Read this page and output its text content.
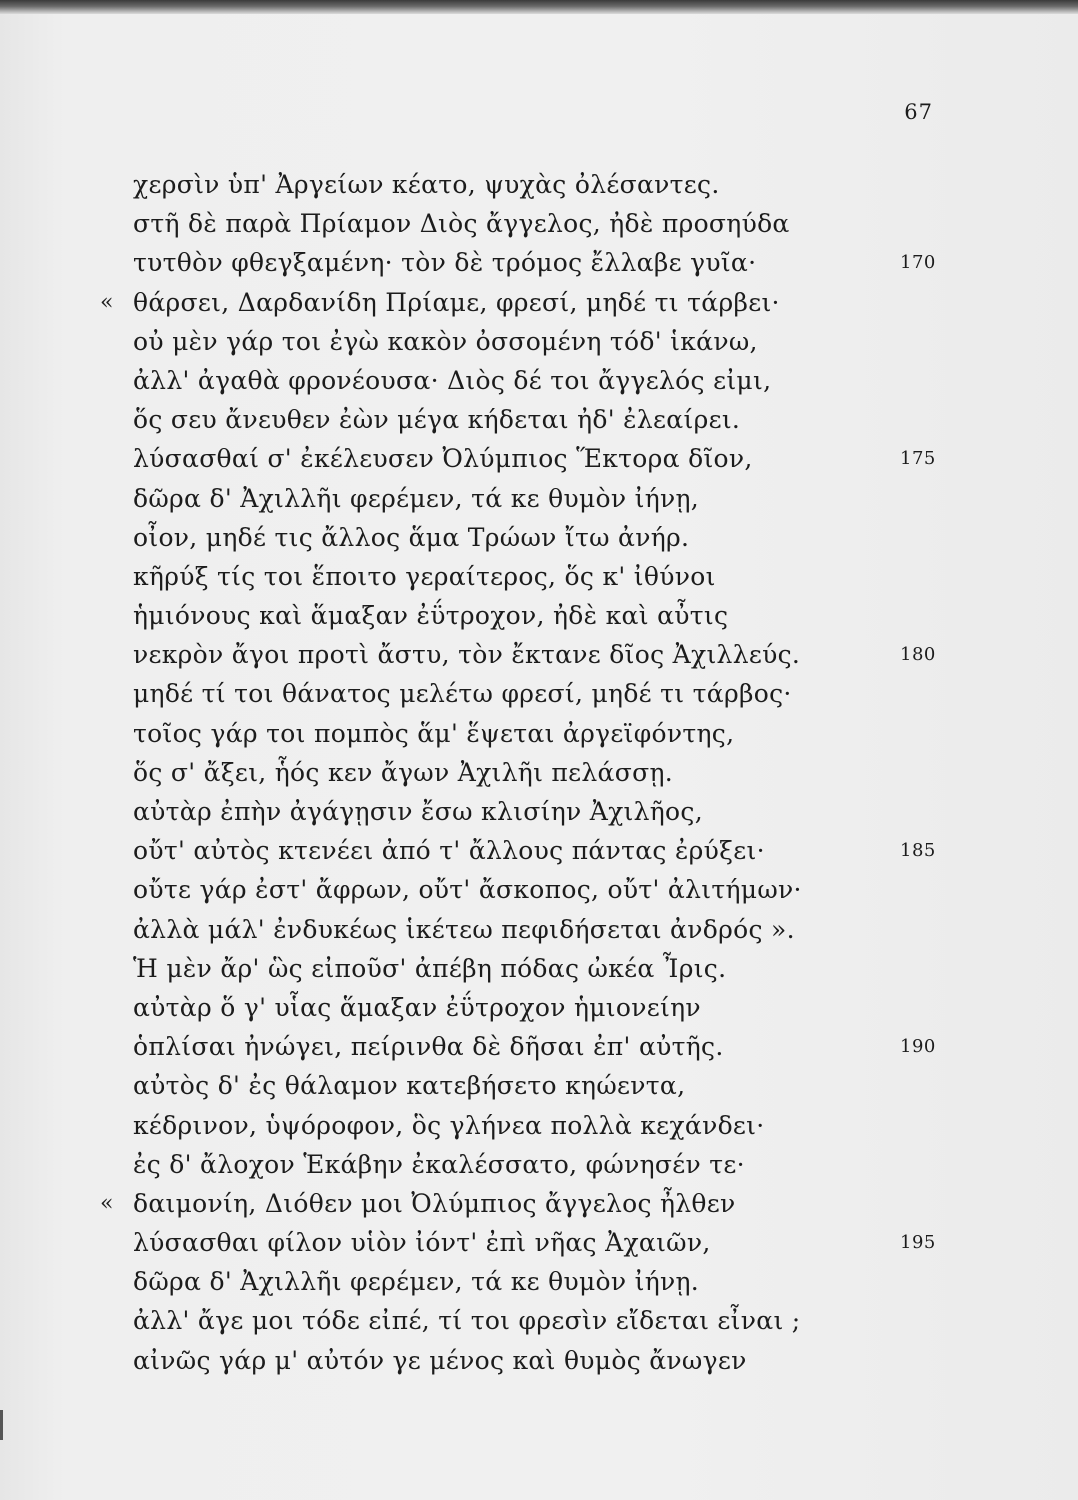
67
χερσὶν ὑπ' Ἀργείων κέατο, ψυχὰς ὀλέσαντες.
στῆ δὲ παρὰ Πρίαμον Διὸς ἄγγελος, ἠδὲ προσηύδα
τυτθὸν φθεγξαμένη· τὸν δὲ τρόμος ἔλλαβε γυῖα·	170
« θάρσει, Δαρδανίδη Πρίαμε, φρεσί, μηδέ τι τάρβει·
οὐ μὲν γάρ τοι ἐγὼ κακὸν ὀσσομένη τόδ' ἱκάνω,
ἀλλ' ἀγαθὰ φρονέουσα· Διὸς δέ τοι ἄγγελός εἰμι,
ὅς σευ ἄνευθεν ἐὼν μέγα κήδεται ἠδ' ἐλεαίρει.
λύσασθαί σ' ἐκέλευσεν Ὀλύμπιος Ἕκτορα δῖον,	175
δῶρα δ' Ἀχιλλῆι φερέμεν, τά κε θυμὸν ἰήνῃ,
οἶον, μηδέ τις ἄλλος ἅμα Τρώων ἴτω ἀνήρ.
κῆρύξ τίς τοι ἕποιτο γεραίτερος, ὅς κ' ἰθύνοι
ἡμιόνους καὶ ἅμαξαν ἐΰτροχον, ἠδὲ καὶ αὖτις
νεκρὸν ἄγοι προτὶ ἄστυ, τὸν ἔκτανε δῖος Ἀχιλλεύς.	180
μηδέ τί τοι θάνατος μελέτω φρεσί, μηδέ τι τάρβος·
τοῖος γάρ τοι πομπὸς ἅμ' ἕψεται ἀργεϊφόντης,
ὅς σ' ἄξει, ἧός κεν ἄγων Ἀχιλῆι πελάσσῃ.
αὐτὰρ ἐπὴν ἀγάγῃσιν ἔσω κλισίην Ἀχιλῆος,
οὔτ' αὐτὸς κτενέει ἀπό τ' ἄλλους πάντας ἐρύξει·	185
οὔτε γάρ ἐστ' ἄφρων, οὔτ' ἄσκοπος, οὔτ' ἀλιτήμων·
ἀλλὰ μάλ' ἐνδυκέως ἱκέτεω πεφιδήσεται ἀνδρός ».
Ἡ μὲν ἄρ' ὣς εἰποῦσ' ἀπέβη πόδας ὠκέα Ἶρις.
αὐτὰρ ὅ γ' υἷας ἅμαξαν ἐΰτροχον ἡμιονείην
ὁπλίσαι ἠνώγει, πείρινθα δὲ δῆσαι ἐπ' αὐτῆς.	190
αὐτὸς δ' ἐς θάλαμον κατεβήσετο κηώεντα,
κέδρινον, ὑψόροφον, ὃς γλήνεα πολλὰ κεχάνδει·
ἐς δ' ἄλοχον Ἑκάβην ἐκαλέσσατο, φώνησέν τε·
« δαιμονίη, Διόθεν μοι Ὀλύμπιος ἄγγελος ἦλθεν
λύσασθαι φίλον υἱὸν ἰόντ' ἐπὶ νῆας Ἀχαιῶν,	195
δῶρα δ' Ἀχιλλῆι φερέμεν, τά κε θυμὸν ἰήνῃ.
ἀλλ' ἄγε μοι τόδε εἰπέ, τί τοι φρεσὶν εἴδεται εἶναι ;
αἰνῶς γάρ μ' αὐτόν γε μένος καὶ θυμὸς ἄνωγεν
